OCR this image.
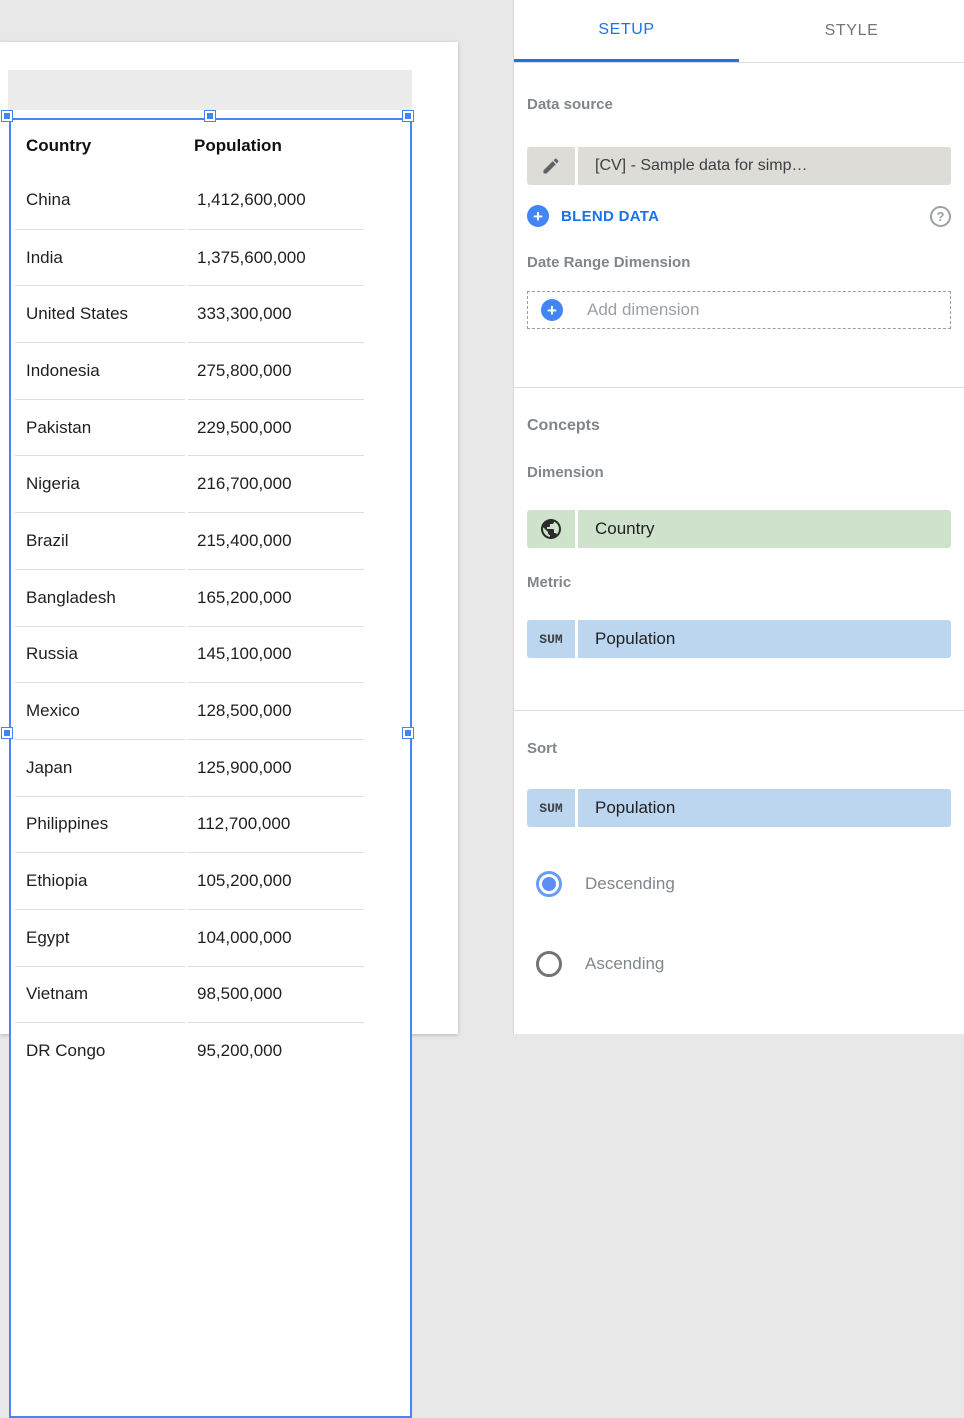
Country	Population
China	1,412,600,000
India	1,375,600,000
United States	333,300,000
Indonesia	275,800,000
Pakistan	229,500,000
Nigeria	216,700,000
Brazil	215,400,000
Bangladesh	165,200,000
Russia	145,100,000
Mexico	128,500,000
Japan	125,900,000
Philippines	112,700,000
Ethiopia	105,200,000
Egypt	104,000,000
Vietnam	98,500,000
DR Congo	95,200,000
SETUP	STYLE
Data source
[CV] - Sample data for simp…
+	BLEND DATA	?
Date Range Dimension
+	Add dimension
Concepts
Dimension
Country
Metric
SUM	Population
Sort
SUM	Population
Descending
Ascending
